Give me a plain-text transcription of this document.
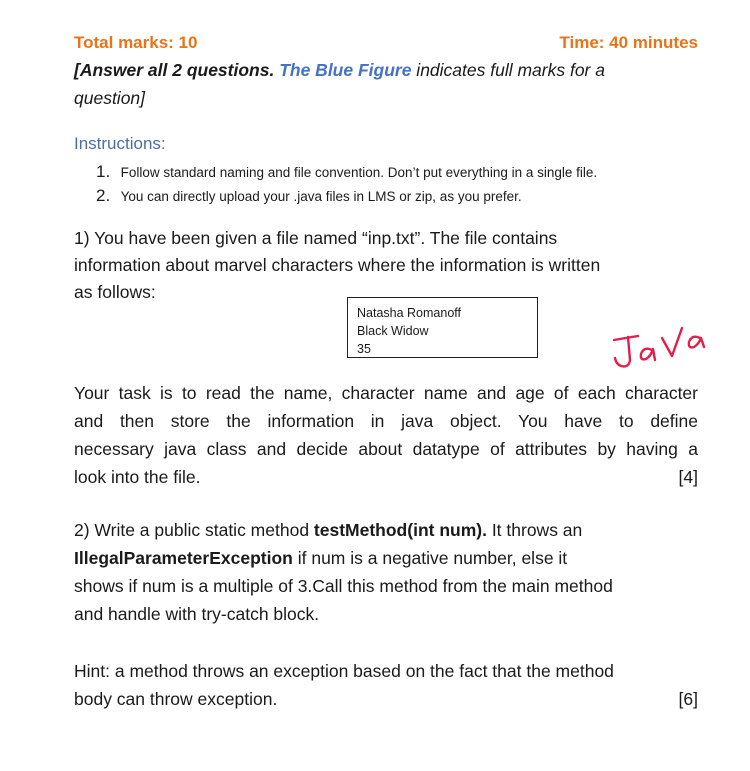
Total marks: 10	Time: 40 minutes
[Answer all 2 questions. The Blue Figure indicates full marks for a
question]
Instructions:
1. Follow standard naming and file convention. Don’t put everything in a single file.
2. You can directly upload your .java files in LMS or zip, as you prefer.
1) You have been given a file named “inp.txt”. The file contains
information about marvel characters where the information is written
as follows:
Natasha Romanoff
Black Widow
35
Your task is to read the name, character name and age of each character
and then store the information in java object. You have to define
necessary java class and decide about datatype of attributes by having a
look into the file.	[4]
2) Write a public static method testMethod(int num). It throws an
IllegalParameterException if num is a negative number, else it
shows if num is a multiple of 3.Call this method from the main method
and handle with try-catch block.
Hint: a method throws an exception based on the fact that the method
body can throw exception.	[6]
